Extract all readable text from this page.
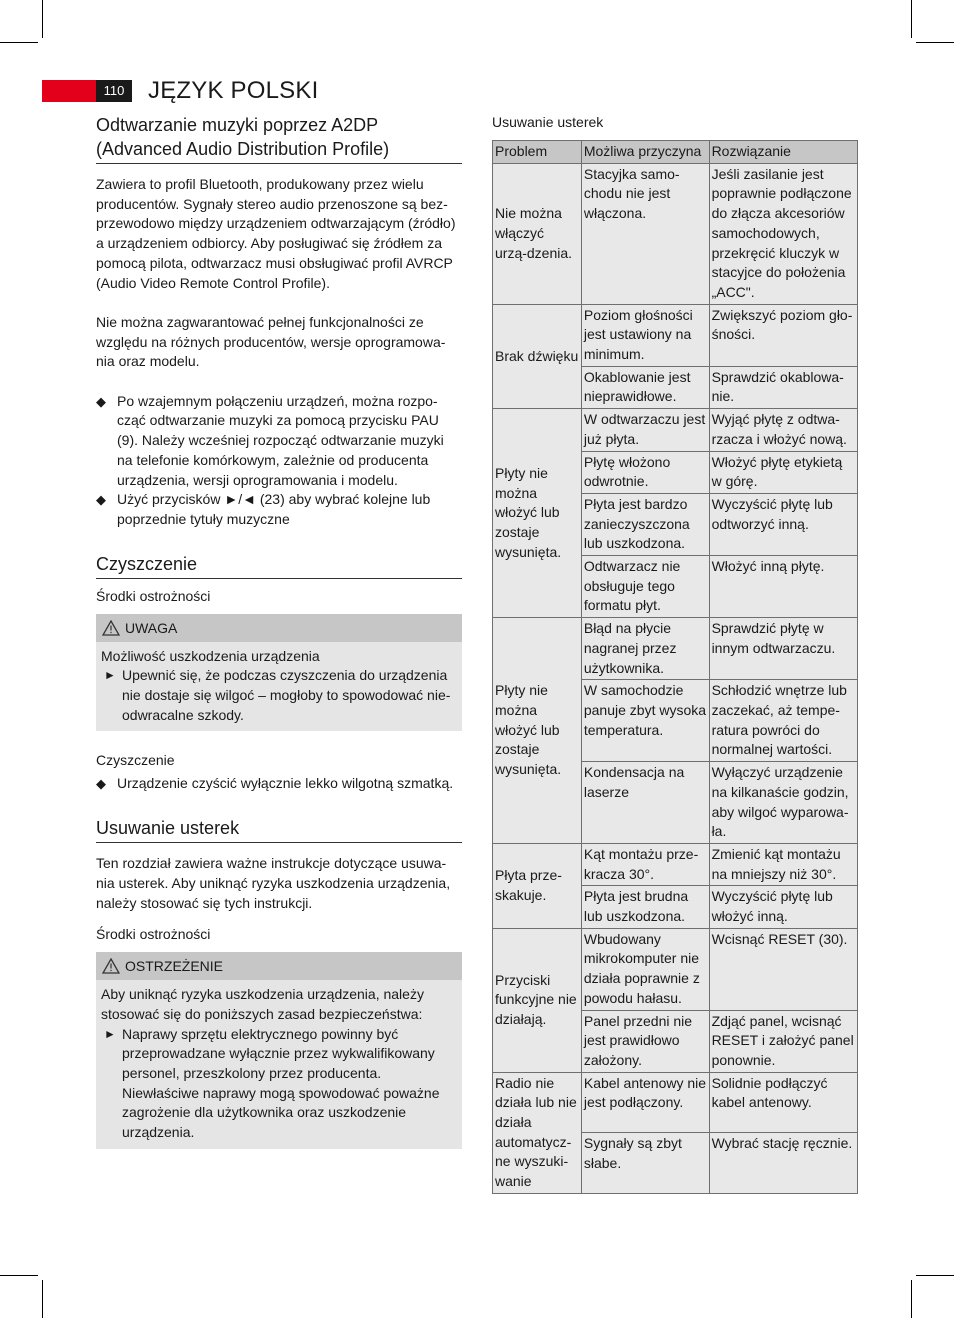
110 JĘZYK POLSKI
Odtwarzanie muzyki poprzez A2DP
(Advanced Audio Distribution Profile)

Zawiera to profil Bluetooth, produkowany przez wielu producentów. Sygnały stereo audio przenoszone są bez-przewodowo między urządzeniem odtwarzającym (źródło) a urządzeniem odbiorcy. Aby posługiwać się źródłem za pomocą pilota, odtwarzacz musi obsługiwać profil AVRCP (Audio Video Remote Control Profile).

Nie można zagwarantować pełnej funkcjonalności ze względu na różnych producentów, wersje oprogramowa-nia oraz modelu.

◆ Po wzajemnym połączeniu urządzeń, można rozpo-cząć odtwarzanie muzyki za pomocą przycisku PAU (9). Należy wcześniej rozpocząć odtwarzanie muzyki na telefonie komórkowym, zależnie od producenta urządzenia, wersji oprogramowania i modelu.
◆ Użyć przycisków ►/◄ (23) aby wybrać kolejne lub poprzednie tytuły muzyczne
Czyszczenie
Środki ostrożności
UWAGA
Możliwość uszkodzenia urządzenia
► Upewnić się, że podczas czyszczenia do urządzenia nie dostaje się wilgoć – mogłoby to spowodować nie-odwracalne szkody.
Czyszczenie
◆ Urządzenie czyścić wyłącznie lekko wilgotną szmatką.
Usuwanie usterek

Ten rozdział zawiera ważne instrukcje dotyczące usuwa-nia usterek. Aby uniknąć ryzyka uszkodzenia urządzenia, należy stosować się tych instrukcji.

Środki ostrożności
OSTRZEŻENIE
Aby uniknąć ryzyka uszkodzenia urządzenia, należy stosować się do poniższych zasad bezpieczeństwa:
► Naprawy sprzętu elektrycznego powinny być przeprowadzane wyłącznie przez wykwalifikowany personel, przeszkolony przez producenta. Niewłaściwe naprawy mogą spowodować poważne zagrożenie dla użytkownika oraz uszkodzenie urządzenia.
Usuwanie usterek
Problem	Możliwa przyczyna	Rozwiązanie
Nie można włączyć urzą-dzenia.	Stacyjka samo-chodu nie jest włączona.	Jeśli zasilanie jest poprawnie podłączone do złącza akcesoriów samochodowych, przekręcić kluczyk w stacyjce do położenia „ACC".
Brak dźwięku	Poziom głośności jest ustawiony na minimum.	Zwiększyć poziom gło-śności.
	Okablowanie jest nieprawidłowe.	Sprawdzić okablowa-nie.
Płyty nie można włożyć lub zostaje wysunięta.	W odtwarzaczu jest już płyta.	Wyjąć płytę z odtwa-rzacza i włożyć nową.
	Płytę włożono odwrotnie.	Włożyć płytę etykietą w górę.
	Płyta jest bardzo zanieczyszczona lub uszkodzona.	Wyczyścić płytę lub odtworzyć inną.
	Odtwarzacz nie obsługuje tego formatu płyt.	Włożyć inną płytę.
Płyty nie można włożyć lub zostaje wysunięta.	Błąd na płycie nagranej przez użytkownika.	Sprawdzić płytę w innym odtwarzaczu.
	W samochodzie panuje zbyt wysoka temperatura.	Schłodzić wnętrze lub zaczekać, aż tempe-ratura powróci do normalnej wartości.
	Kondensacja na laserze	Wyłączyć urządzenie na kilkanaście godzin, aby wilgoć wyparowa-ła.
Płyta prze-skakuje.	Kąt montażu prze-kracza 30°.	Zmienić kąt montażu na mniejszy niż 30°.
	Płyta jest brudna lub uszkodzona.	Wyczyścić płytę lub włożyć inną.
Przyciski funkcyjne nie działają.	Wbudowany mikrokomputer nie działa poprawnie z powodu hałasu.	Wcisnąć RESET (30).
	Panel przedni nie jest prawidłowo założony.	Zdjąć panel, wcisnąć RESET i założyć panel ponownie.
Radio nie działa lub nie działa automatycz-ne wyszuki-wanie	Kabel antenowy nie jest podłączony.	Solidnie podłączyć kabel antenowy.
	Sygnały są zbyt słabe.	Wybrać stację ręcznie.
